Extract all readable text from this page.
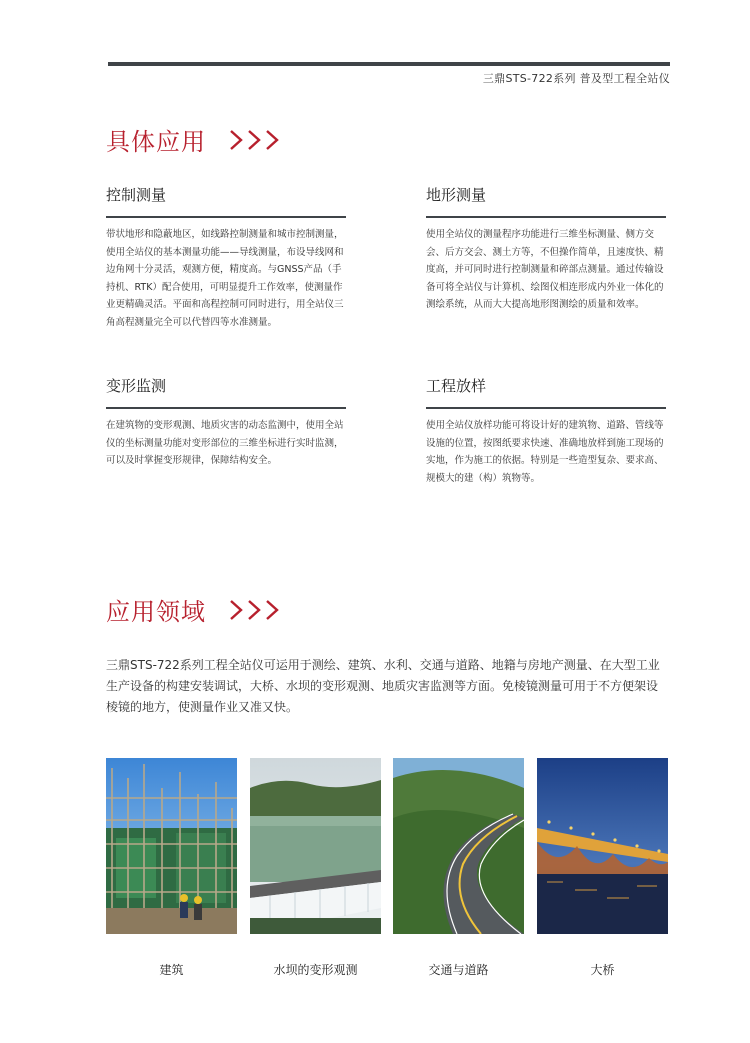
三鼎STS-722系列 普及型工程全站仪
具体应用
控制测量

带状地形和隐蔽地区，如线路控制测量和城市控制测量，使用全站仪的基本测量功能——导线测量，布设导线网和边角网十分灵活，观测方便，精度高。与GNSS产品（手持机、RTK）配合使用，可明显提升工作效率，使测量作业更精确灵活。平面和高程控制可同时进行，用全站仪三角高程测量完全可以代替四等水准测量。

地形测量

使用全站仪的测量程序功能进行三维坐标测量、侧方交会、后方交会、测土方等，不但操作简单，且速度快、精度高，并可同时进行控制测量和碎部点测量。通过传输设备可将全站仪与计算机、绘图仪相连形成内外业一体化的测绘系统，从而大大提高地形图测绘的质量和效率。

变形监测

在建筑物的变形观测、地质灾害的动态监测中，使用全站仪的坐标测量功能对变形部位的三维坐标进行实时监测，可以及时掌握变形规律，保障结构安全。

工程放样

使用全站仪放样功能可将设计好的建筑物、道路、管线等设施的位置，按图纸要求快速、准确地放样到施工现场的实地，作为施工的依据。特别是一些造型复杂、要求高、规模大的建（构）筑物等。

应用领域

三鼎STS-722系列工程全站仪可运用于测绘、建筑、水利、交通与道路、地籍与房地产测量、在大型工业生产设备的构建安装调试，大桥、水坝的变形观测、地质灾害监测等方面。免棱镜测量可用于不方便架设棱镜的地方，使测量作业又准又快。

建筑	水坝的变形观测	交通与道路	大桥
